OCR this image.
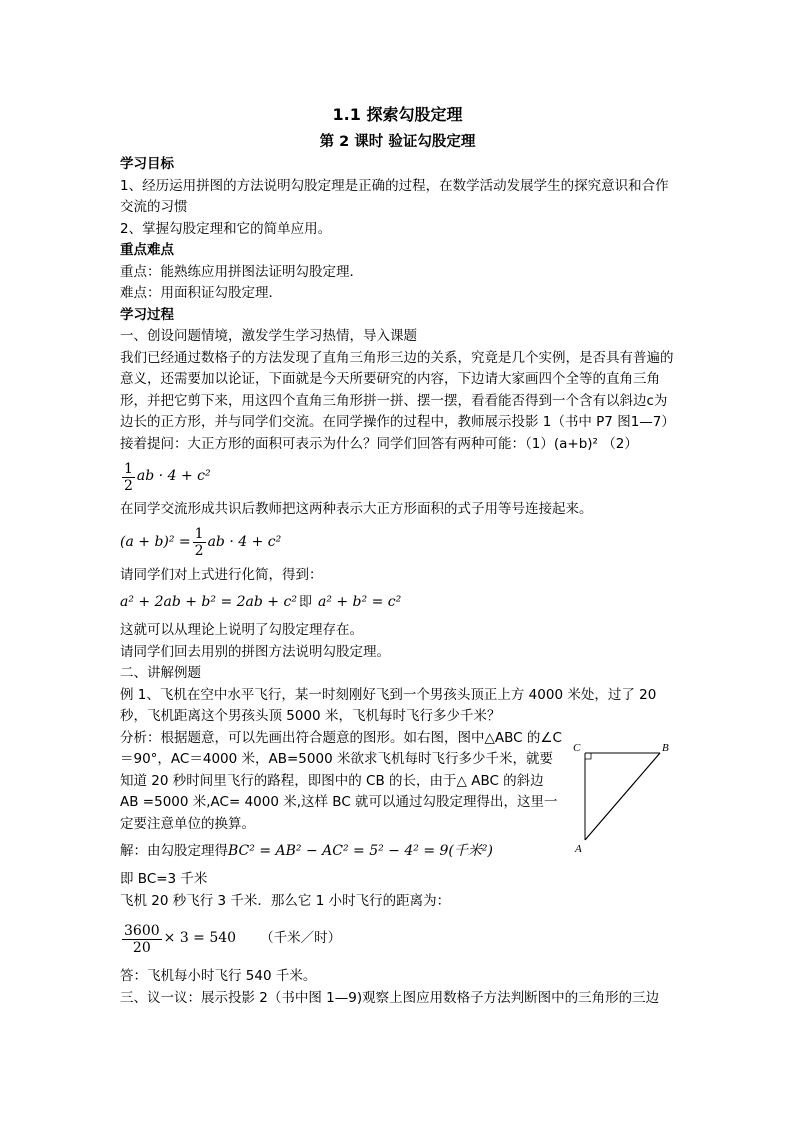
1.1 探索勾股定理
第 2 课时 验证勾股定理

学习目标

1、经历运用拼图的方法说明勾股定理是正确的过程，在数学活动发展学生的探究意识和合作交流的习惯

2、掌握勾股定理和它的简单应用。

重点难点

重点：能熟练应用拼图法证明勾股定理．

难点：用面积证勾股定理．

学习过程

一、创设问题情境，激发学生学习热情，导入课题

我们已经通过数格子的方法发现了直角三角形三边的关系，究竟是几个实例，是否具有普遍的意义，还需要加以论证，下面就是今天所要研究的内容，下边请大家画四个全等的直角三角形，并把它剪下来，用这四个直角三角形拼一拼、摆一摆，看看能否得到一个含有以斜边c为边长的正方形，并与同学们交流。在同学操作的过程中，教师展示投影 1（书中 P7 图1—7）接着提问：大正方形的面积可表示为什么？同学们回答有两种可能：（1）(a+b)² （2）

$\frac{1}{2}$ ab · 4 + c²

在同学交流形成共识后教师把这两种表示大正方形面积的式子用等号连接起来。

$(a + b)^2 = \frac{1}{2}$ ab · 4 + c²

请同学们对上式进行化简，得到：

a² + 2ab + b² = 2ab + c² 即 a² + b² = c²

这就可以从理论上说明了勾股定理存在。

请同学们回去用别的拼图方法说明勾股定理。

二、讲解例题

例 1、飞机在空中水平飞行，某一时刻刚好飞到一个男孩头顶正上方 4000 米处，过了 20 秒，飞机距离这个男孩头顶 5000 米，飞机每时飞行多少千米？

分析：根据题意，可以先画出符合题意的图形。如右图，图中△ABC 的∠C＝90°，AC＝4000 米，AB=5000 米欲求飞机每时飞行多少千米，就要知道 20 秒时间里飞行的路程，即图中的 CB 的长，由于△ ABC 的斜边 AB =5000 米,AC= 4000 米,这样 BC 就可以通过勾股定理得出，这里一定要注意单位的换算。

C	B
A
解：由勾股定理得 BC² = AB² − AC² = 5² − 4² = 9(千米²)

即 BC=3 千米

飞机 20 秒飞行 3 千米．那么它 1 小时飞行的距离为：

$\frac{3600}{20} \times 3 = 540$ （千米／时）

答：飞机每小时飞行 540 千米。

三、议一议：展示投影 2（书中图 1—9)观察上图应用数格子方法判断图中的三角形的三边
